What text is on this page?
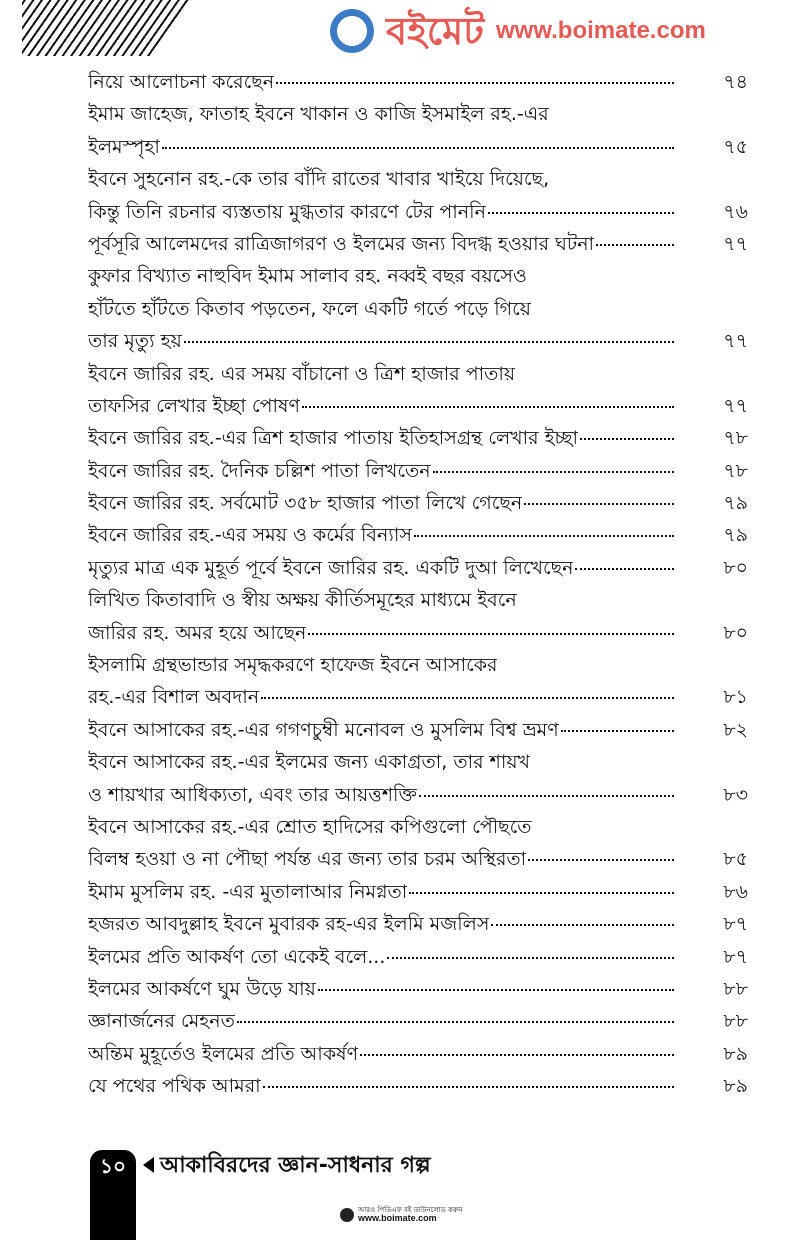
বইমেট www.boimate.com
নিয়ে আলোচনা করেছেন	৭৪
ইমাম জাহেজ, ফাতাহ ইবনে খাকান ও কাজি ইসমাইল রহ.-এর
ইলমস্পৃহা	৭৫
ইবনে সুহনোন রহ.-কে তার বাঁদি রাতের খাবার খাইয়ে দিয়েছে,
কিন্তু তিনি রচনার ব্যস্ততায় মুগ্ধতার কারণে টের পাননি	৭৬
পূর্বসূরি আলেমদের রাত্রিজাগরণ ও ইলমের জন্য বিদগ্ধ হওয়ার ঘটনা	৭৭
কুফার বিখ্যাত নাহুবিদ ইমাম সালাব রহ. নব্বই বছর বয়সেও
হাঁটতে হাঁটতে কিতাব পড়তেন, ফলে একটি গর্তে পড়ে গিয়ে
তার মৃত্যু হয়	৭৭
ইবনে জারির রহ. এর সময় বাঁচানো ও ত্রিশ হাজার পাতায়
তাফসির লেখার ইচ্ছা পোষণ	৭৭
ইবনে জারির রহ.-এর ত্রিশ হাজার পাতায় ইতিহাসগ্রন্থ লেখার ইচ্ছা	৭৮
ইবনে জারির রহ. দৈনিক চল্লিশ পাতা লিখতেন	৭৮
ইবনে জারির রহ. সর্বমোট ৩৫৮ হাজার পাতা লিখে গেছেন	৭৯
ইবনে জারির রহ.-এর সময় ও কর্মের বিন্যাস	৭৯
মৃত্যুর মাত্র এক মুহূর্ত পূর্বে ইবনে জারির রহ. একটি দুআ লিখেছেন	৮০
লিখিত কিতাবাদি ও স্বীয় অক্ষয় কীর্তিসমূহের মাধ্যমে ইবনে
জারির রহ. অমর হয়ে আছেন	৮০
ইসলামি গ্রন্থভান্ডার সমৃদ্ধকরণে হাফেজ ইবনে আসাকের
রহ.-এর বিশাল অবদান	৮১
ইবনে আসাকের রহ.-এর গগণচুম্বী মনোবল ও মুসলিম বিশ্ব ভ্রমণ	৮২
ইবনে আসাকের রহ.-এর ইলমের জন্য একাগ্রতা, তার শায়খ
ও শায়খার আধিক্যতা, এবং তার আয়ত্তশক্তি	৮৩
ইবনে আসাকের রহ.-এর শ্রোত হাদিসের কপিগুলো পৌছতে
বিলম্ব হওয়া ও না পৌছা পর্যন্ত এর জন্য তার চরম অস্থিরতা	৮৫
ইমাম মুসলিম রহ. -এর মুতালাআর নিমগ্নতা	৮৬
হজরত আবদুল্লাহ ইবনে মুবারক রহ-এর ইলমি মজলিস	৮৭
ইলমের প্রতি আকর্ষণ তো একেই বলে...	৮৭
ইলমের আকর্ষণে ঘুম উড়ে যায়	৮৮
জ্ঞানার্জনের মেহনত	৮৮
অন্তিম মুহূর্তেও ইলমের প্রতি আকর্ষণ	৮৯
যে পথের পথিক আমরা	৮৯
১০	আকাবিরদের জ্ঞান-সাধনার গল্প
আরও পিডিএফ বই ডাউনলোড করুন
www.boimate.com
